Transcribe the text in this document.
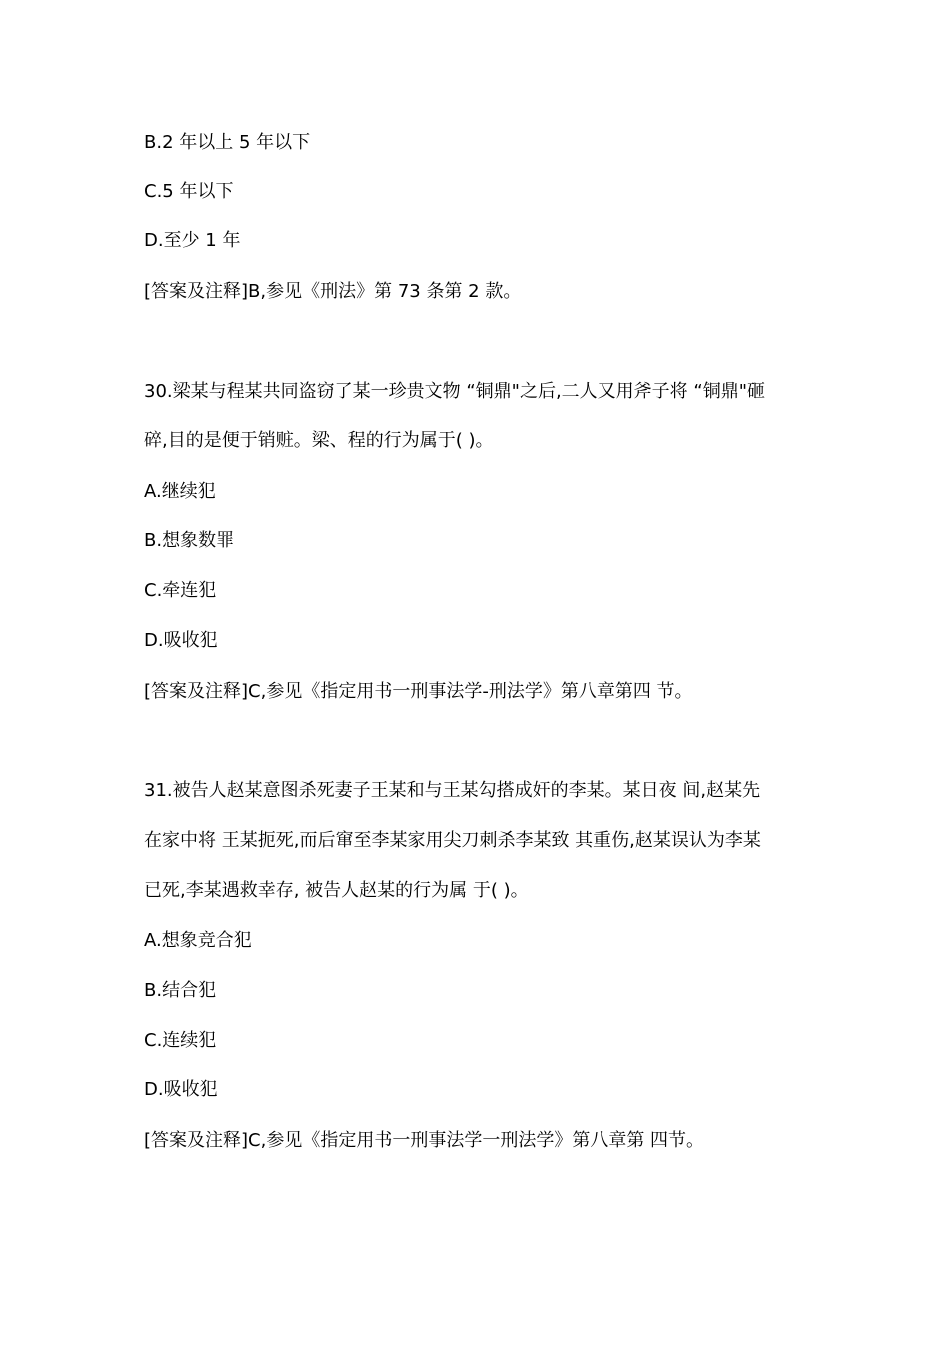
B.2 年以上 5 年以下
C.5 年以下
D.至少 1 年
[答案及注释]B,参见《刑法》第 73 条第 2 款。
30.梁某与程某共同盗窃了某一珍贵文物 “铜鼎"之后,二人又用斧子将 “铜鼎"砸
碎,目的是便于销赃。梁、程的行为属于( )。
A.继续犯
B.想象数罪
C.牵连犯
D.吸收犯
[答案及注释]C,参见《指定用书一刑事法学-刑法学》第八章第四 节。
31.被告人赵某意图杀死妻子王某和与王某勾搭成奸的李某。某日夜 间,赵某先
在家中将 王某扼死,而后窜至李某家用尖刀刺杀李某致 其重伤,赵某误认为李某
已死,李某遇救幸存, 被告人赵某的行为属 于( )。
A.想象竞合犯
B.结合犯
C.连续犯
D.吸收犯
[答案及注释]C,参见《指定用书一刑事法学一刑法学》第八章第 四节。
